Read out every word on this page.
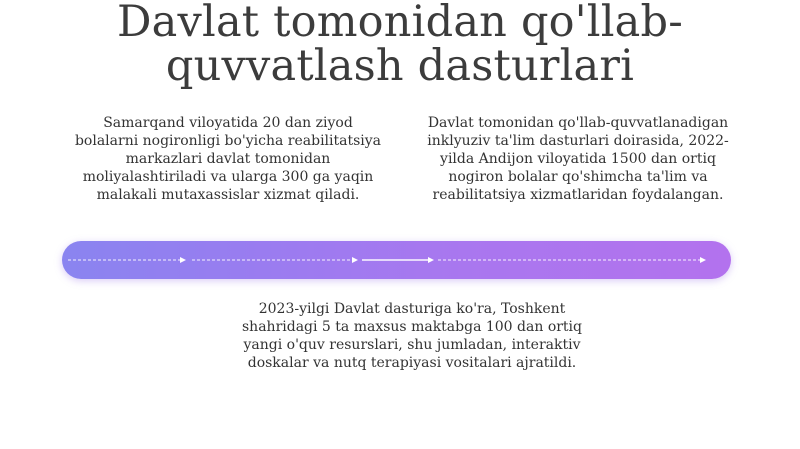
Davlat tomonidan qo'llab-
quvvatlash dasturlari
Samarqand viloyatida 20 dan ziyod bolalarni nogironligi bo'yicha reabilitatsiya markazlari davlat tomonidan moliyalashtiriladi va ularga 300 ga yaqin malakali mutaxassislar xizmat qiladi.
Davlat tomonidan qo'llab-quvvatlanadigan inklyuziv ta'lim dasturlari doirasida, 2022-yilda Andijon viloyatida 1500 dan ortiq nogiron bolalar qo'shimcha ta'lim va reabilitatsiya xizmatlaridan foydalangan.
2023-yilgi Davlat dasturiga ko'ra, Toshkent shahridagi 5 ta maxsus maktabga 100 dan ortiq yangi o'quv resurslari, shu jumladan, interaktiv doskalar va nutq terapiyasi vositalari ajratildi.
